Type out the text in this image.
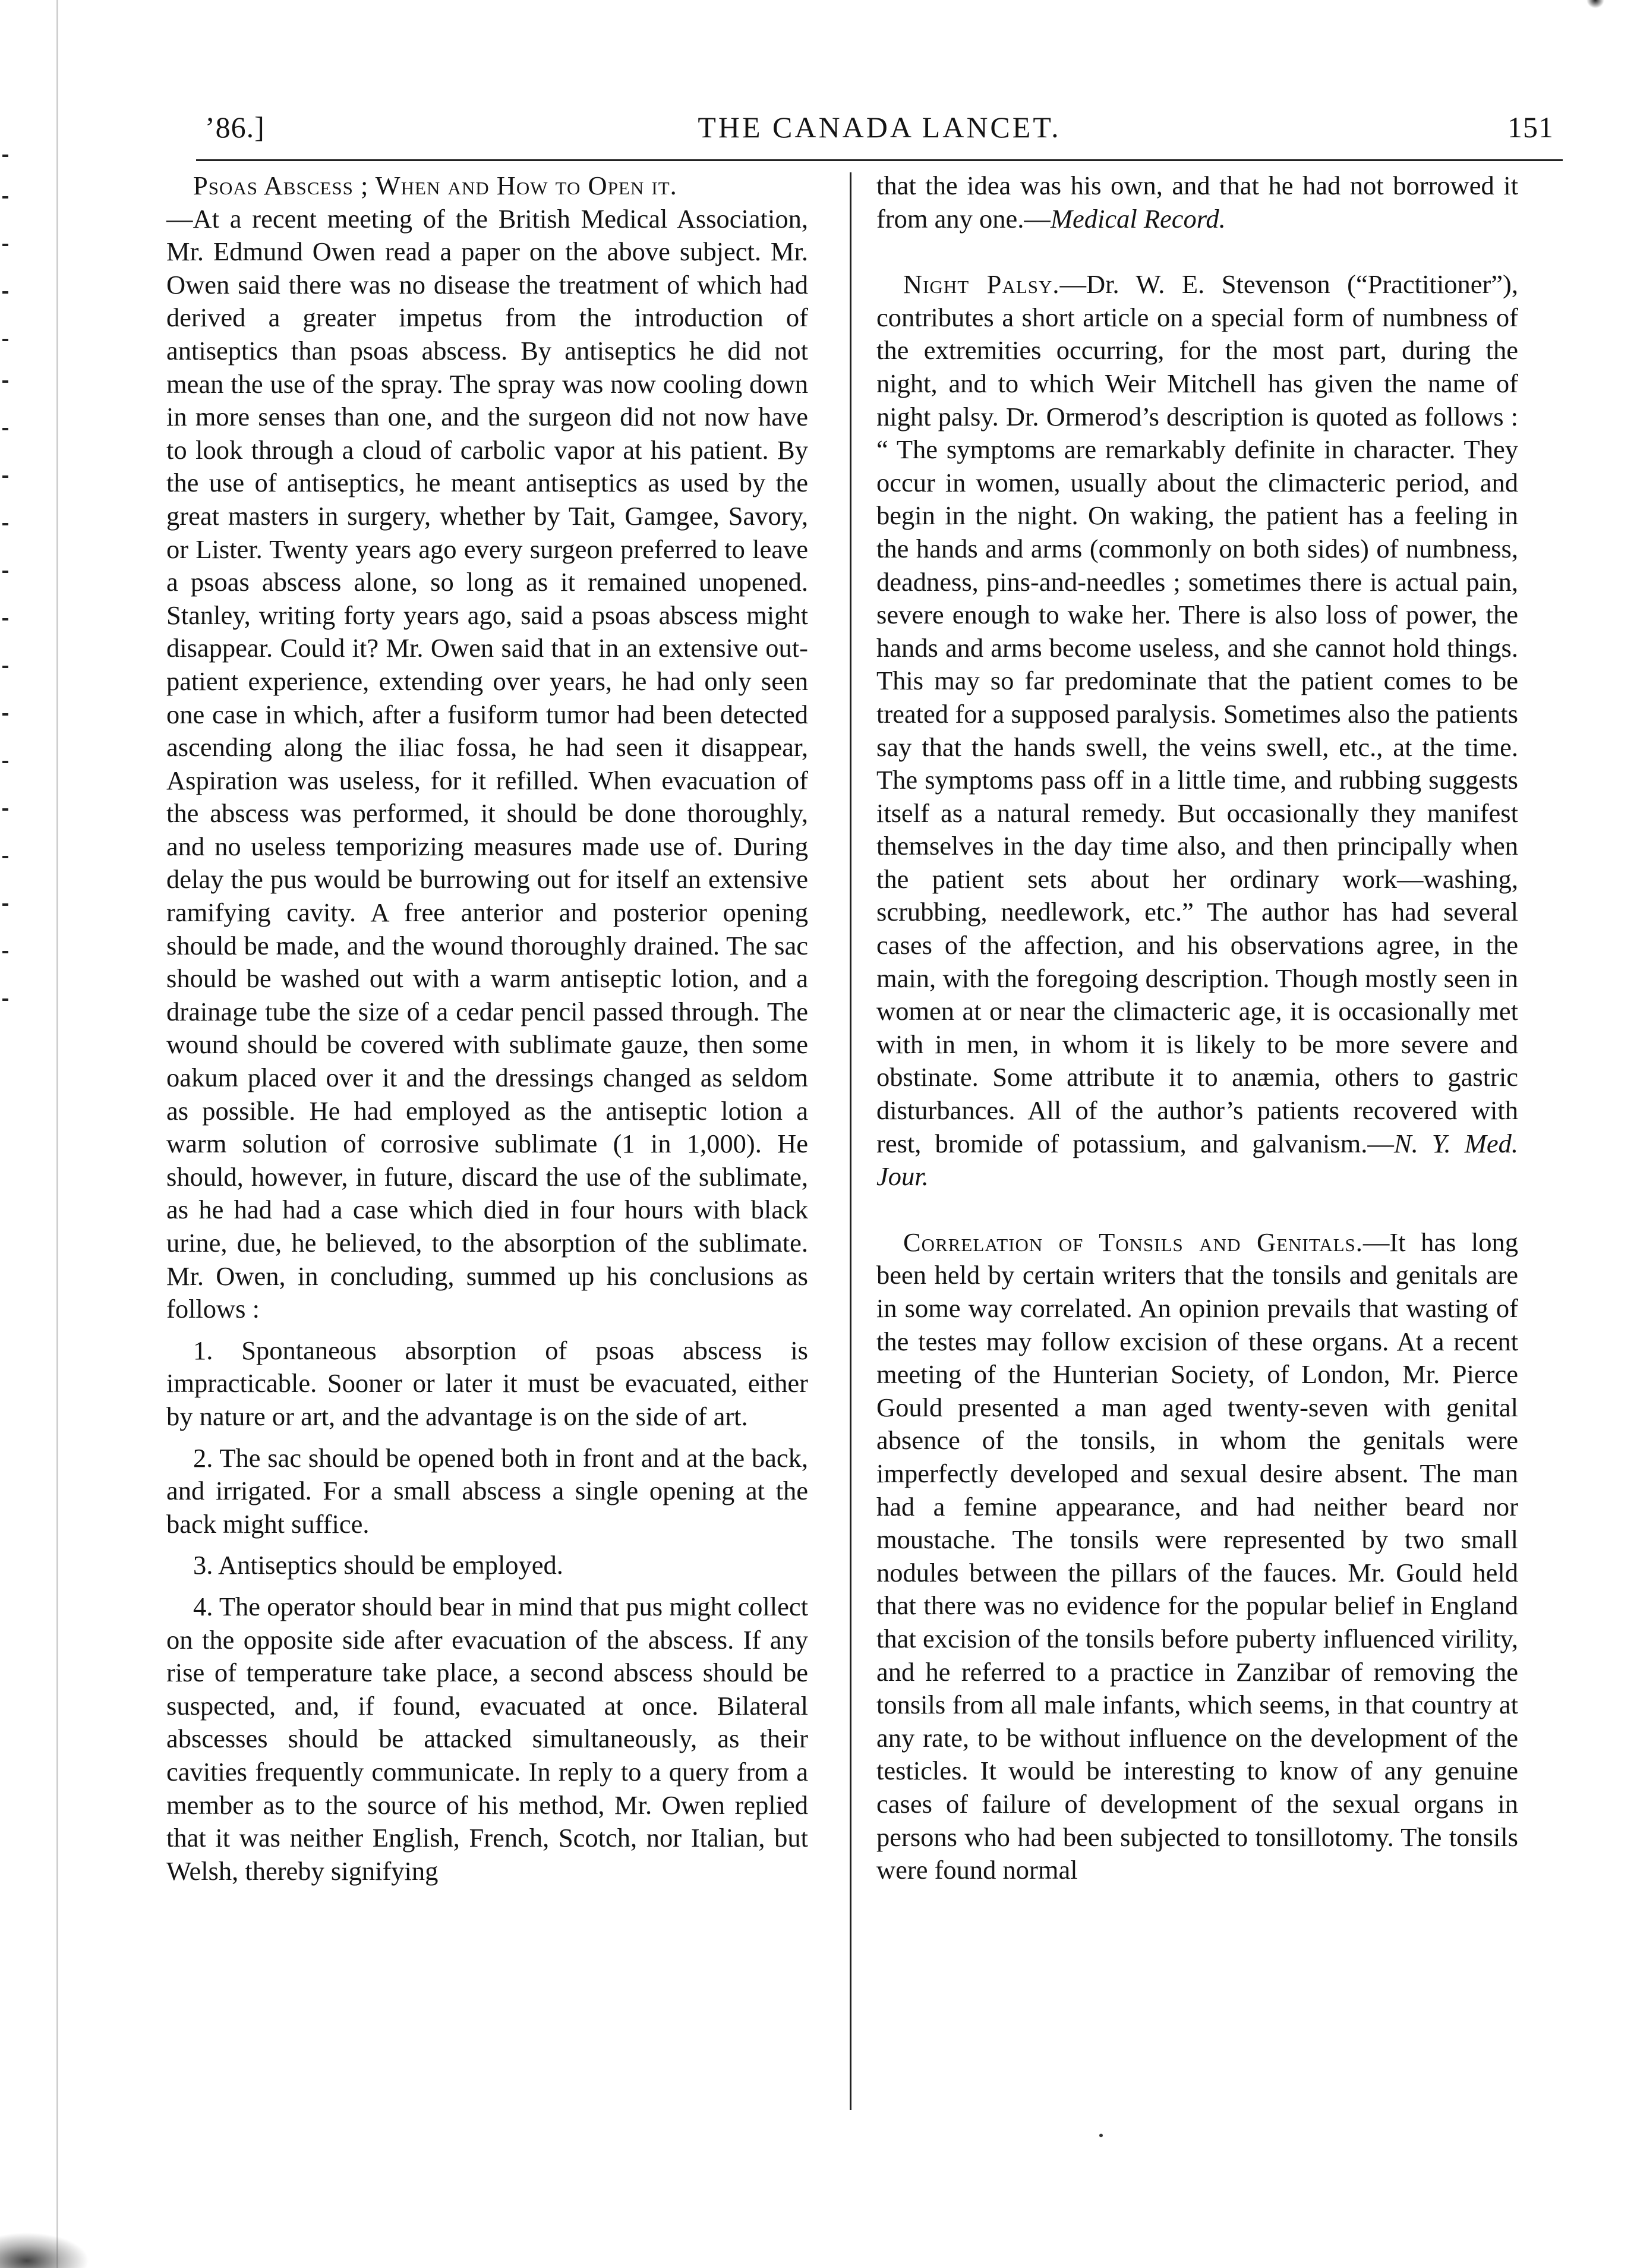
’86.]	THE CANADA LANCET.	151

Psoas Abscess ; When and How to Open it.
—At a recent meeting of the British Medical Association, Mr. Edmund Owen read a paper on the above subject. Mr. Owen said there was no disease the treatment of which had derived a greater impetus from the introduction of antiseptics than psoas abscess. By antiseptics he did not mean the use of the spray. The spray was now cooling down in more senses than one, and the surgeon did not now have to look through a cloud of carbolic vapor at his patient. By the use of antiseptics, he meant antiseptics as used by the great masters in surgery, whether by Tait, Gamgee, Savory, or Lister. Twenty years ago every surgeon preferred to leave a psoas abscess alone, so long as it remained unopened. Stanley, writing forty years ago, said a psoas abscess might disappear. Could it? Mr. Owen said that in an extensive out-patient experience, extending over years, he had only seen one case in which, after a fusiform tumor had been detected ascending along the iliac fossa, he had seen it disappear, Aspiration was useless, for it refilled. When evacuation of the abscess was performed, it should be done thoroughly, and no useless temporizing measures made use of. During delay the pus would be burrowing out for itself an extensive ramifying cavity. A free anterior and posterior opening should be made, and the wound thoroughly drained. The sac should be washed out with a warm antiseptic lotion, and a drainage tube the size of a cedar pencil passed through. The wound should be covered with sublimate gauze, then some oakum placed over it and the dressings changed as seldom as possible. He had employed as the antiseptic lotion a warm solution of corrosive sublimate (1 in 1,000). He should, however, in future, discard the use of the sublimate, as he had had a case which died in four hours with black urine, due, he believed, to the absorption of the sublimate. Mr. Owen, in concluding, summed up his conclusions as follows :

1. Spontaneous absorption of psoas abscess is impracticable. Sooner or later it must be evacuated, either by nature or art, and the advantage is on the side of art.

2. The sac should be opened both in front and at the back, and irrigated. For a small abscess a single opening at the back might suffice.

3. Antiseptics should be employed.

4. The operator should bear in mind that pus might collect on the opposite side after evacuation of the abscess. If any rise of temperature take place, a second abscess should be suspected, and, if found, evacuated at once. Bilateral abscesses should be attacked simultaneously, as their cavities frequently communicate. In reply to a query from a member as to the source of his method, Mr. Owen replied that it was neither English, French, Scotch, nor Italian, but Welsh, thereby signifying

that the idea was his own, and that he had not borrowed it from any one.—Medical Record.

Night Palsy.—Dr. W. E. Stevenson (“Practitioner”), contributes a short article on a special form of numbness of the extremities occurring, for the most part, during the night, and to which Weir Mitchell has given the name of night palsy. Dr. Ormerod’s description is quoted as follows : “ The symptoms are remarkably definite in character. They occur in women, usually about the climacteric period, and begin in the night. On waking, the patient has a feeling in the hands and arms (commonly on both sides) of numbness, deadness, pins-and-needles ; sometimes there is actual pain, severe enough to wake her. There is also loss of power, the hands and arms become useless, and she cannot hold things. This may so far predominate that the patient comes to be treated for a supposed paralysis. Sometimes also the patients say that the hands swell, the veins swell, etc., at the time. The symptoms pass off in a little time, and rubbing suggests itself as a natural remedy. But occasionally they manifest themselves in the day time also, and then principally when the patient sets about her ordinary work—washing, scrubbing, needlework, etc.” The author has had several cases of the affection, and his observations agree, in the main, with the foregoing description. Though mostly seen in women at or near the climacteric age, it is occasionally met with in men, in whom it is likely to be more severe and obstinate. Some attribute it to anæmia, others to gastric disturbances. All of the author’s patients recovered with rest, bromide of potassium, and galvanism.—N. Y. Med. Jour.

Correlation of Tonsils and Genitals.—It has long been held by certain writers that the tonsils and genitals are in some way correlated. An opinion prevails that wasting of the testes may follow excision of these organs. At a recent meeting of the Hunterian Society, of London, Mr. Pierce Gould presented a man aged twenty-seven with genital absence of the tonsils, in whom the genitals were imperfectly developed and sexual desire absent. The man had a femine appearance, and had neither beard nor moustache. The tonsils were represented by two small nodules between the pillars of the fauces. Mr. Gould held that there was no evidence for the popular belief in England that excision of the tonsils before puberty influenced virility, and he referred to a practice in Zanzibar of removing the tonsils from all male infants, which seems, in that country at any rate, to be without influence on the development of the testicles. It would be interesting to know of any genuine cases of failure of development of the sexual organs in persons who had been subjected to tonsillotomy. The tonsils were found normal
